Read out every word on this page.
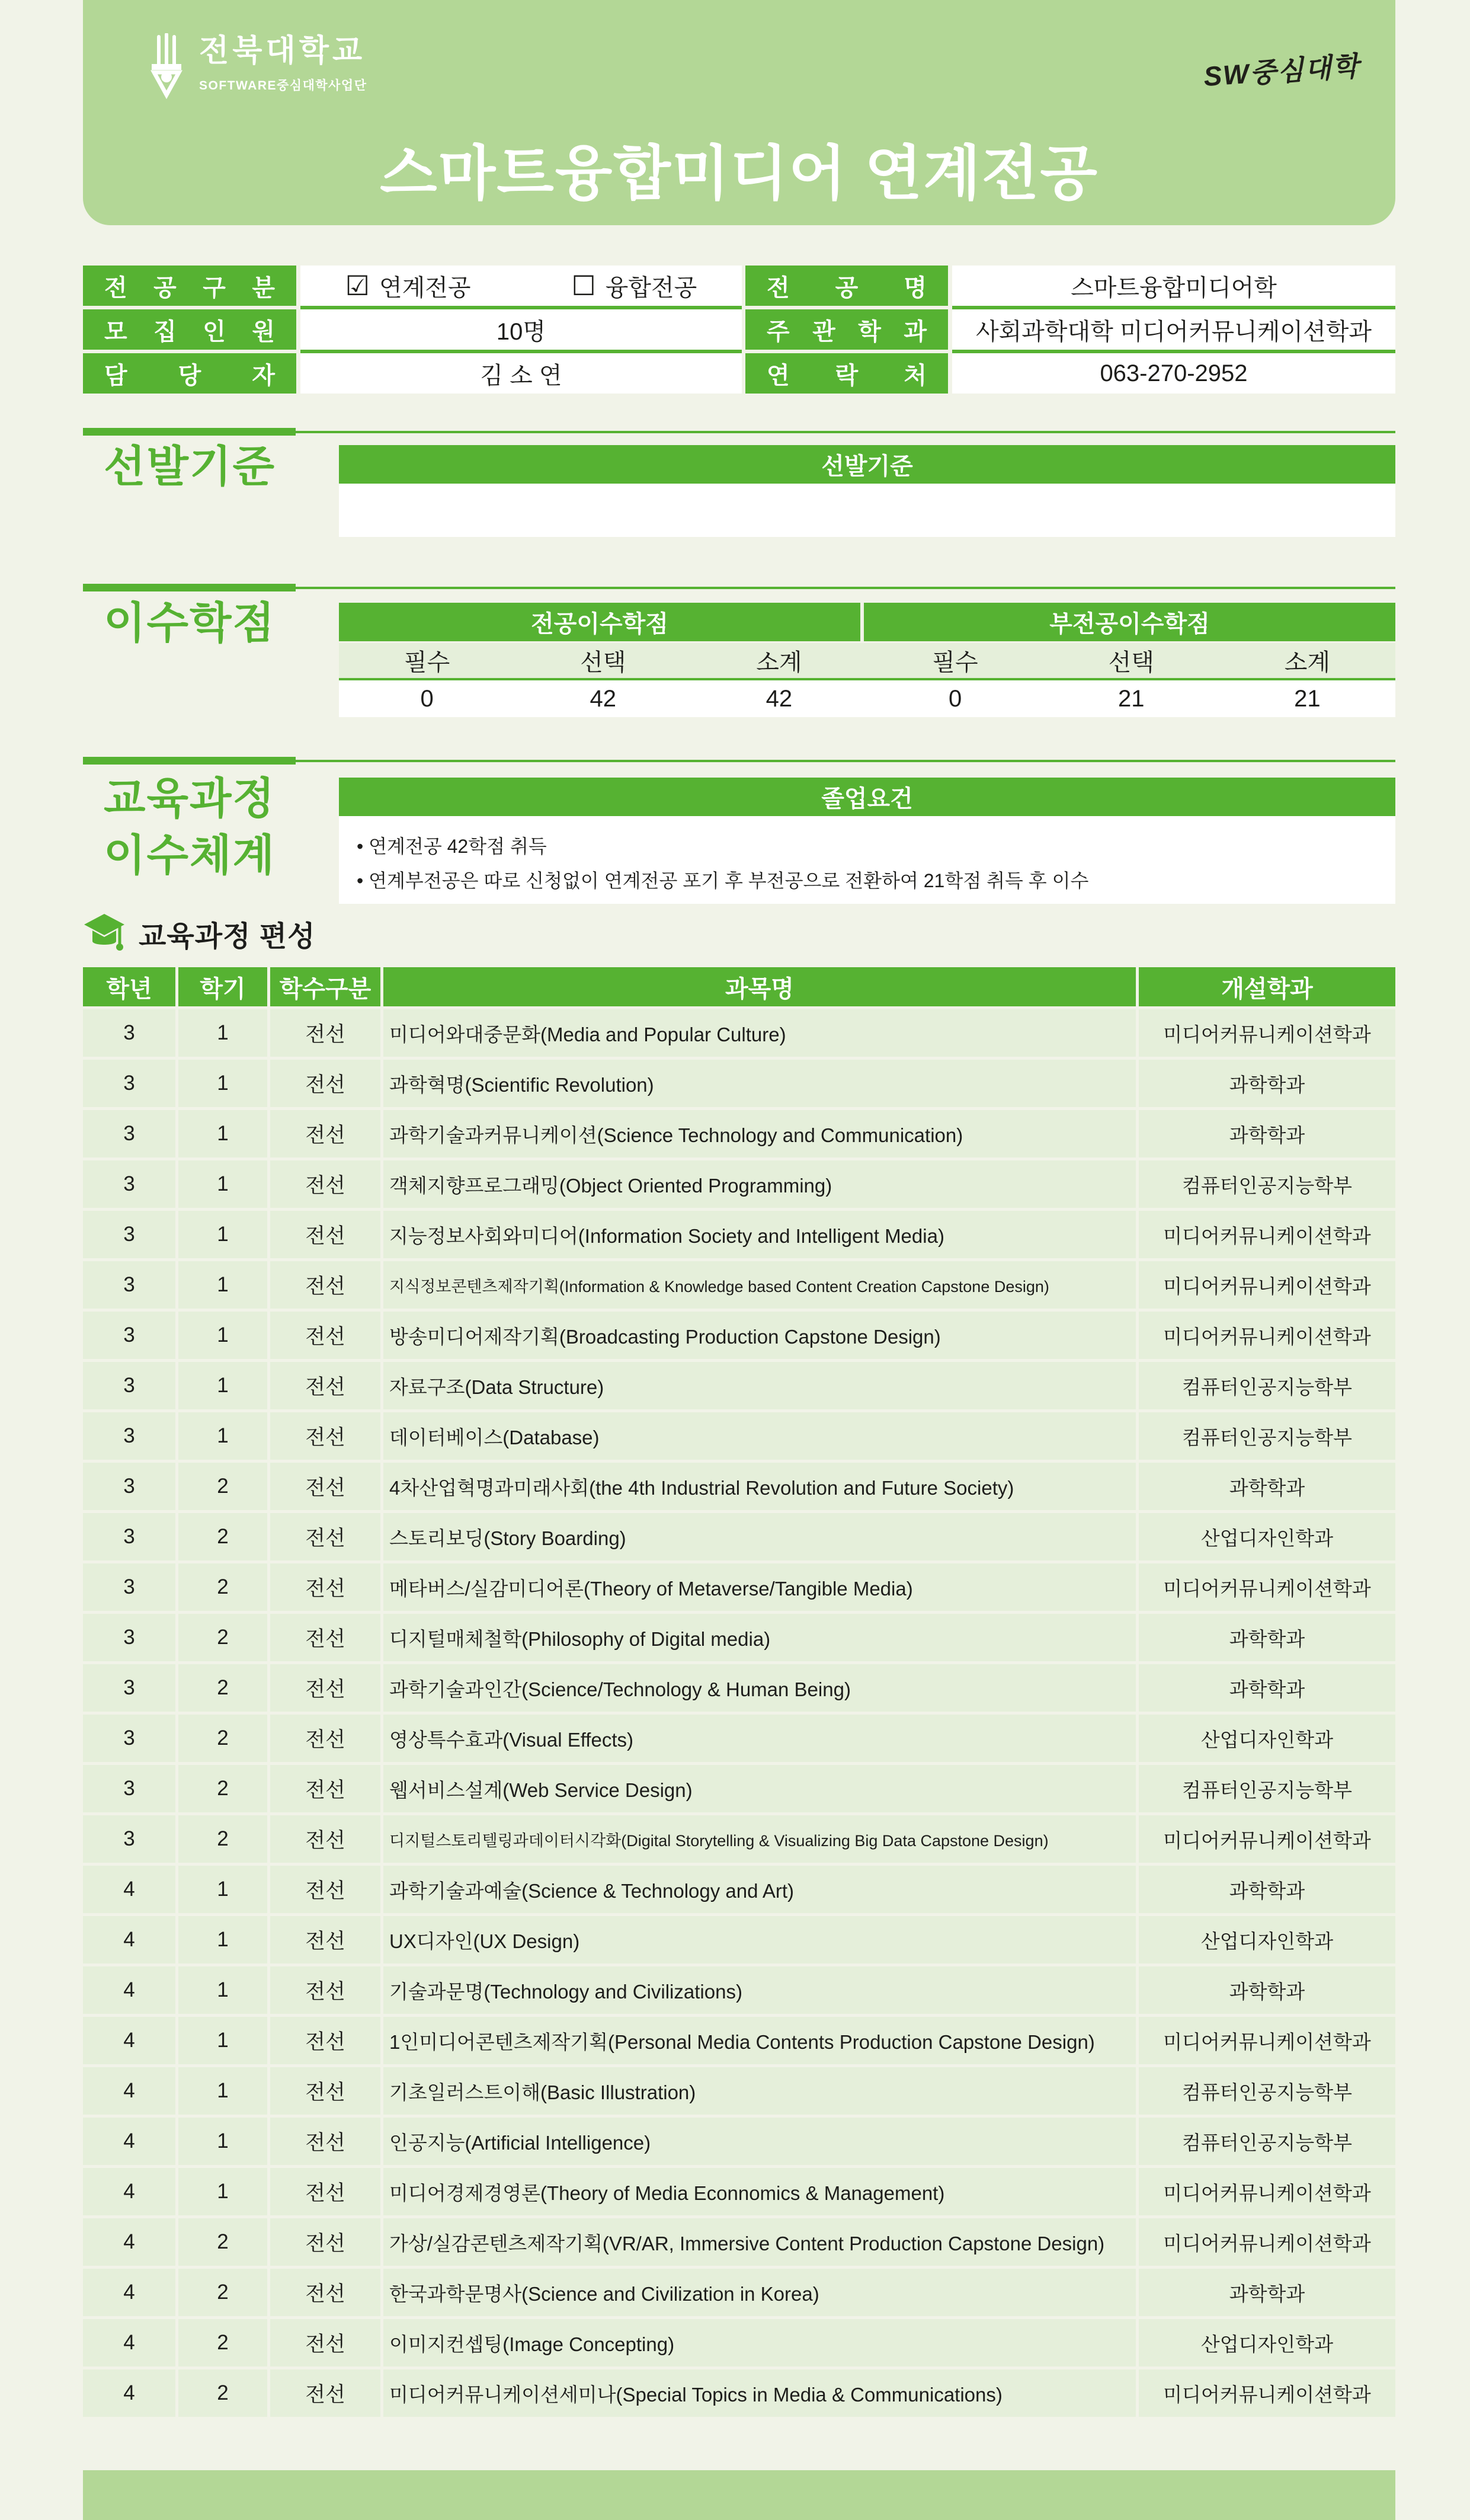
전북대학교
SOFTWARE중심대학사업단	SW중심대학
스마트융합미디어 연계전공
전 공 구 분	☑ 연계전공	☐ 융합전공	전 공 명	스마트융합미디어학
모 집 인 원	10명	주 관 학 과	사회과학대학 미디어커뮤니케이션학과
담 당 자	김 소 연	연 락 처	063-270-2952
선발기준	선발기준
이수학점	전공이수학점	부전공이수학점
필수	선택	소계	필수	선택	소계
0	42	42	0	21	21
교육과정
이수체계
졸업요건
• 연계전공 42학점 취득
• 연계부전공은 따로 신청없이 연계전공 포기 후 부전공으로 전환하여 21학점 취득 후 이수
교육과정 편성
학년	학기	학수구분	과목명	개설학과
3	1	전선	미디어와대중문화(Media and Popular Culture)	미디어커뮤니케이션학과
3	1	전선	과학혁명(Scientific Revolution)	과학학과
3	1	전선	과학기술과커뮤니케이션(Science Technology and Communication)	과학학과
3	1	전선	객체지향프로그래밍(Object Oriented Programming)	컴퓨터인공지능학부
3	1	전선	지능정보사회와미디어(Information Society and Intelligent Media)	미디어커뮤니케이션학과
3	1	전선	지식정보콘텐츠제작기획(Information & Knowledge based Content Creation Capstone Design)	미디어커뮤니케이션학과
3	1	전선	방송미디어제작기획(Broadcasting Production Capstone Design)	미디어커뮤니케이션학과
3	1	전선	자료구조(Data Structure)	컴퓨터인공지능학부
3	1	전선	데이터베이스(Database)	컴퓨터인공지능학부
3	2	전선	4차산업혁명과미래사회(the 4th Industrial Revolution and Future Society)	과학학과
3	2	전선	스토리보딩(Story Boarding)	산업디자인학과
3	2	전선	메타버스/실감미디어론(Theory of Metaverse/Tangible Media)	미디어커뮤니케이션학과
3	2	전선	디지털매체철학(Philosophy of Digital media)	과학학과
3	2	전선	과학기술과인간(Science/Technology & Human Being)	과학학과
3	2	전선	영상특수효과(Visual Effects)	산업디자인학과
3	2	전선	웹서비스설계(Web Service Design)	컴퓨터인공지능학부
3	2	전선	디지털스토리텔링과데이터시각화(Digital Storytelling & Visualizing Big Data Capstone Design)	미디어커뮤니케이션학과
4	1	전선	과학기술과예술(Science & Technology and Art)	과학학과
4	1	전선	UX디자인(UX Design)	산업디자인학과
4	1	전선	기술과문명(Technology and Civilizations)	과학학과
4	1	전선	1인미디어콘텐츠제작기획(Personal Media Contents Production Capstone Design)	미디어커뮤니케이션학과
4	1	전선	기초일러스트이해(Basic Illustration)	컴퓨터인공지능학부
4	1	전선	인공지능(Artificial Intelligence)	컴퓨터인공지능학부
4	1	전선	미디어경제경영론(Theory of Media Econnomics & Management)	미디어커뮤니케이션학과
4	2	전선	가상/실감콘텐츠제작기획(VR/AR, Immersive Content Production Capstone Design)	미디어커뮤니케이션학과
4	2	전선	한국과학문명사(Science and Civilization in Korea)	과학학과
4	2	전선	이미지컨셉팅(Image Concepting)	산업디자인학과
4	2	전선	미디어커뮤니케이션세미나(Special Topics in Media & Communications)	미디어커뮤니케이션학과
